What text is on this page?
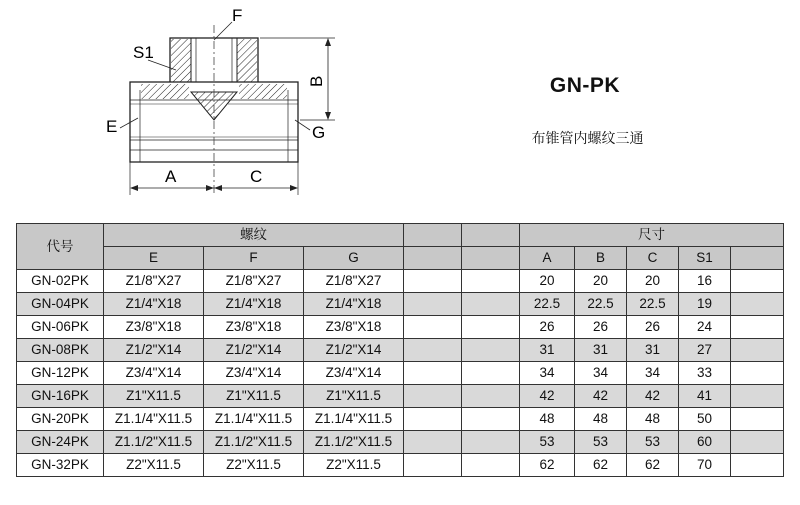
F
S1
B
E	G
A	C
GN-PK
布锥管内螺纹三通
代号	螺纹					尺寸				
	E	F	G			A	B	C	S1	
GN-02PK	Z1/8"X27	Z1/8"X27	Z1/8"X27			20	20	20	16	
GN-04PK	Z1/4"X18	Z1/4"X18	Z1/4"X18			22.5	22.5	22.5	19	
GN-06PK	Z3/8"X18	Z3/8"X18	Z3/8"X18			26	26	26	24	
GN-08PK	Z1/2"X14	Z1/2"X14	Z1/2"X14			31	31	31	27	
GN-12PK	Z3/4"X14	Z3/4"X14	Z3/4"X14			34	34	34	33	
GN-16PK	Z1"X11.5	Z1"X11.5	Z1"X11.5			42	42	42	41	
GN-20PK	Z1.1/4"X11.5	Z1.1/4"X11.5	Z1.1/4"X11.5			48	48	48	50	
GN-24PK	Z1.1/2"X11.5	Z1.1/2"X11.5	Z1.1/2"X11.5			53	53	53	60	
GN-32PK	Z2"X11.5	Z2"X11.5	Z2"X11.5			62	62	62	70	
